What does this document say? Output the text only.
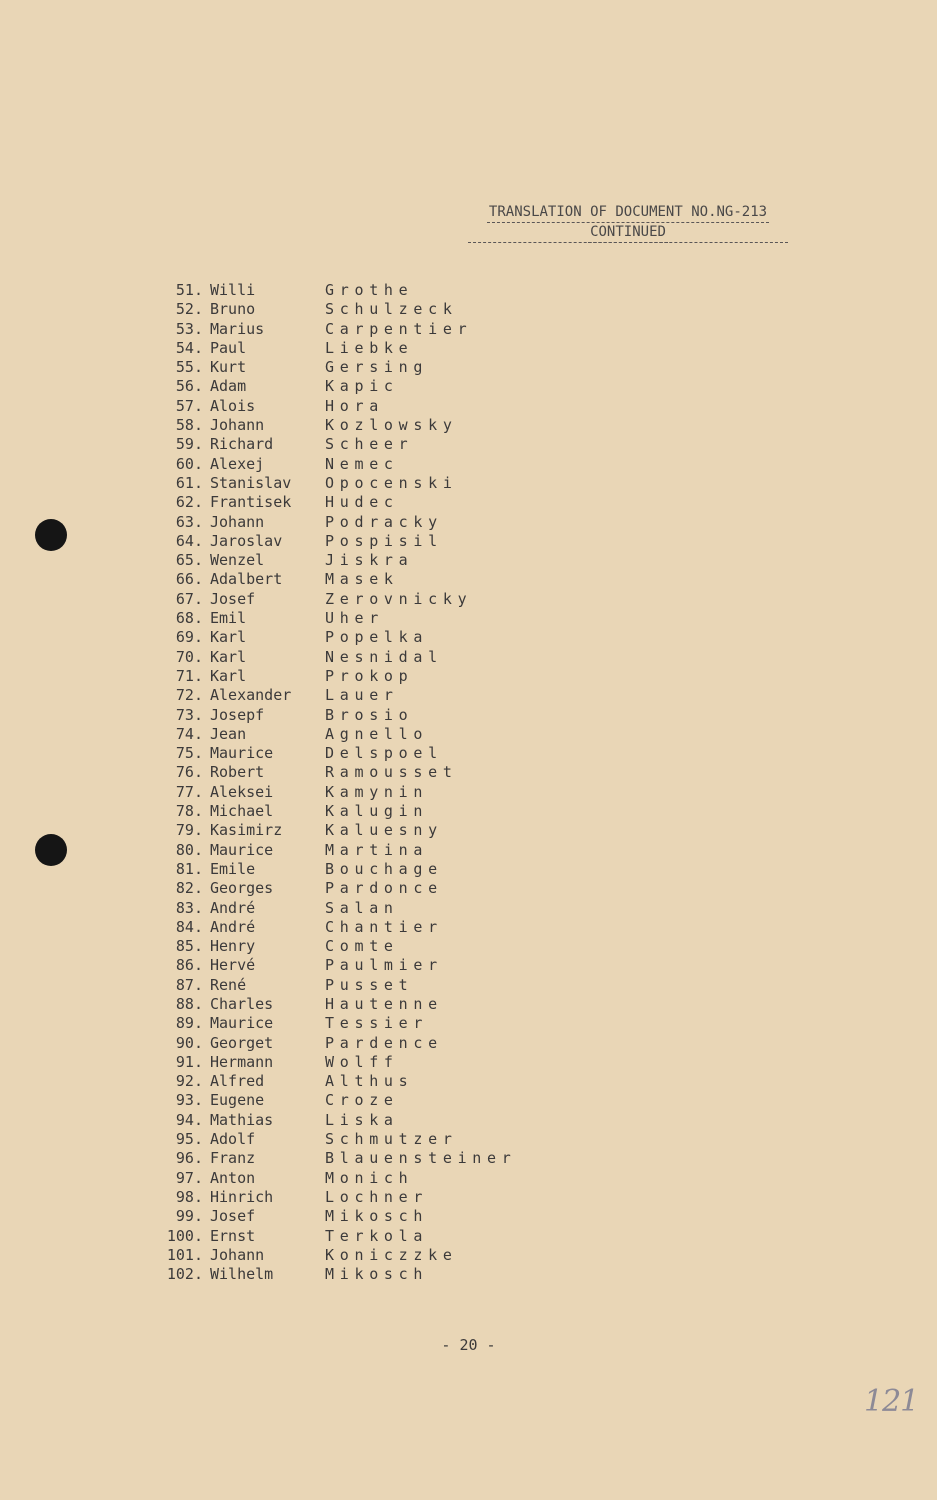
TRANSLATION OF DOCUMENT NO.NG-213
CONTINUED
51. Willi	Grothe
52. Bruno	Schulzeck
53. Marius	Carpentier
54. Paul	Liebke
55. Kurt	Gersing
56. Adam	Kapic
57. Alois	Hora
58. Johann	Kozlowsky
59. Richard	Scheer
60. Alexej	Nemec
61. Stanislav Opocenski
62. Frantisek Hudec
63. Johann	Podracky
64. Jaroslav	Pospisil
65. Wenzel	Jiskra
66. Adalbert	Masek
67. Josef	Zerovnicky
68. Emil	Uher
69. Karl	Popelka
70. Karl	Nesnidal
71. Karl	Prokop
72. Alexander Lauer
73. Josepf	Brosio
74. Jean	Agnello
75. Maurice	Delspoel
76. Robert	Ramousset
77. Aleksei	Kamynin
78. Michael	Kalugin
79. Kasimirz	Kaluesny
80. Maurice	Martina
81. Emile	Bouchage
82. Georges	Pardonce
83. André	Salan
84. André	Chantier
85. Henry	Comte
86. Hervé	Paulmier
87. René	Pusset
88. Charles	Hautenne
89. Maurice	Tessier
90. Georget	Pardence
91. Hermann	Wolff
92. Alfred	Althus
93. Eugene	Croze
94. Mathias	Liska
95. Adolf	Schmutzer
96. Franz	Blauensteiner
97. Anton	Monich
98. Hinrich	Lochner
99. Josef	Mikosch
100. Ernst	Terkola
101. Johann	Koniczzke
102. Wilhelm	Mikosch
- 20 -
121
